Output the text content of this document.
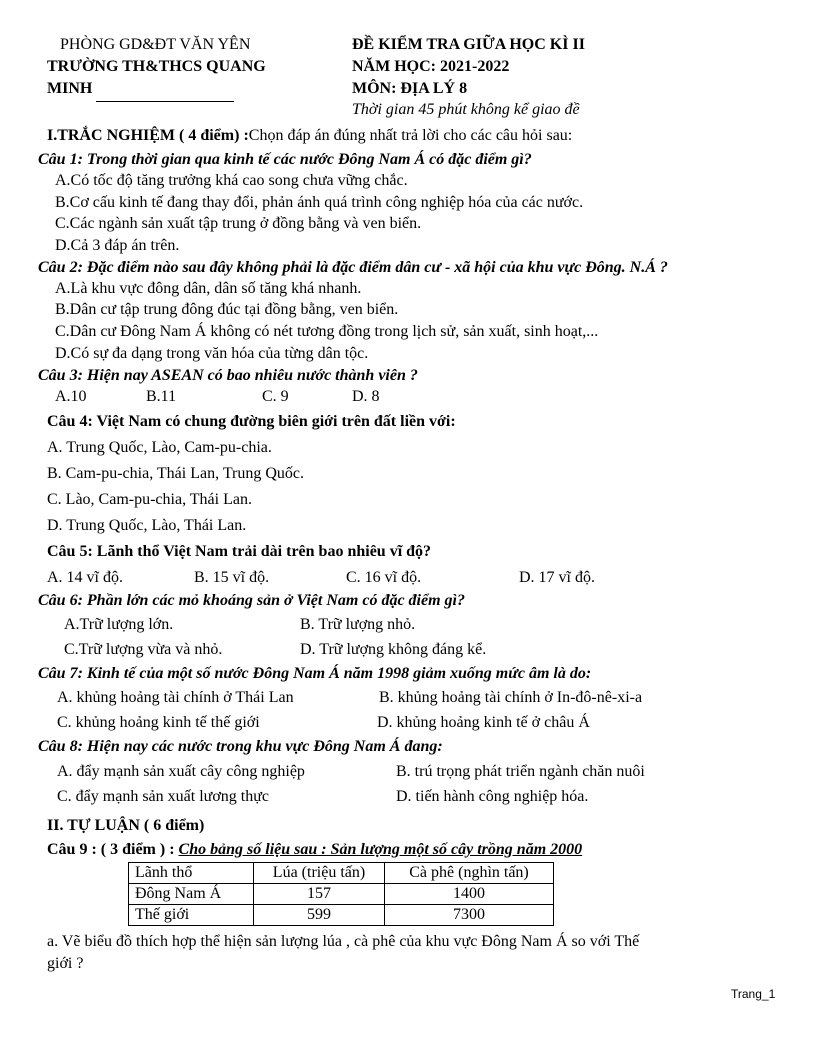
PHÒNG GD&ĐT VĂN YÊN
TRƯỜNG TH&THCS QUANG
MINH
ĐỀ KIỂM TRA GIỮA HỌC KÌ II
NĂM HỌC: 2021-2022
MÔN: ĐỊA LÝ 8
Thời gian 45 phút không kể giao đề
I.TRẮC NGHIỆM ( 4 điểm) :Chọn đáp án đúng nhất trả lời cho các câu hỏi sau:
Câu 1: Trong thời gian qua kinh tế các nước Đông Nam Á có đặc điểm gì?
A.Có tốc độ tăng trưởng khá cao song chưa vững chắc.
B.Cơ cấu kinh tế đang thay đổi, phản ánh quá trình công nghiệp hóa của các nước.
C.Các ngành sản xuất tập trung ở đồng bằng và ven biển.
D.Cả 3 đáp án trên.
Câu 2: Đặc điểm nào sau đây không phải là đặc điểm dân cư - xã hội của khu vực Đông. N.Á ?
A.Là khu vực đông dân, dân số tăng khá nhanh.
B.Dân cư tập trung đông đúc tại đồng bằng, ven biển.
C.Dân cư Đông Nam Á không có nét tương đồng trong lịch sử, sản xuất, sinh hoạt,...
D.Có sự đa dạng trong văn hóa của từng dân tộc.
Câu 3: Hiện nay ASEAN có bao nhiêu nước thành viên ?
A.10	B.11	C. 9	D. 8
Câu 4: Việt Nam có chung đường biên giới trên đất liền với:
A. Trung Quốc, Lào, Cam-pu-chia.
B. Cam-pu-chia, Thái Lan, Trung Quốc.
C. Lào, Cam-pu-chia, Thái Lan.
D. Trung Quốc, Lào, Thái Lan.
Câu 5: Lãnh thổ Việt Nam trải dài trên bao nhiêu vĩ độ?
A. 14 vĩ độ.	B. 15 vĩ độ.	C. 16 vĩ độ.	D. 17 vĩ độ.
Câu 6: Phần lớn các mỏ khoáng sản ở Việt Nam có đặc điểm gì?
A.Trữ lượng lớn.	B. Trữ lượng nhỏ.
C.Trữ lượng vừa và nhỏ.	D. Trữ lượng không đáng kể.
Câu 7: Kinh tế của một số nước Đông Nam Á năm 1998 giảm xuống mức âm là do:
A. khủng hoảng tài chính ở Thái Lan	B. khủng hoảng tài chính ở In-đô-nê-xi-a
C. khủng hoảng kinh tế thế giới	D. khủng hoảng kinh tế ở châu Á
Câu 8: Hiện nay các nước trong khu vực Đông Nam Á đang:
A. đẩy mạnh sản xuất cây công nghiệp	B. trú trọng phát triển ngành chăn nuôi
C. đẩy mạnh sản xuất lương thực	D. tiến hành công nghiệp hóa.
II. TỰ LUẬN ( 6 điểm)
Câu 9 : ( 3 điểm ) : Cho bảng số liệu sau : Sản lượng một số cây trồng năm 2000
Lãnh thổ	Lúa (triệu tấn)	Cà phê (nghìn tấn)
Đông Nam Á	157	1400
Thế giới	599	7300
a. Vẽ biểu đồ thích hợp thể hiện sản lượng lúa , cà phê của khu vực Đông Nam Á so với Thế
giới ?
Trang_1
